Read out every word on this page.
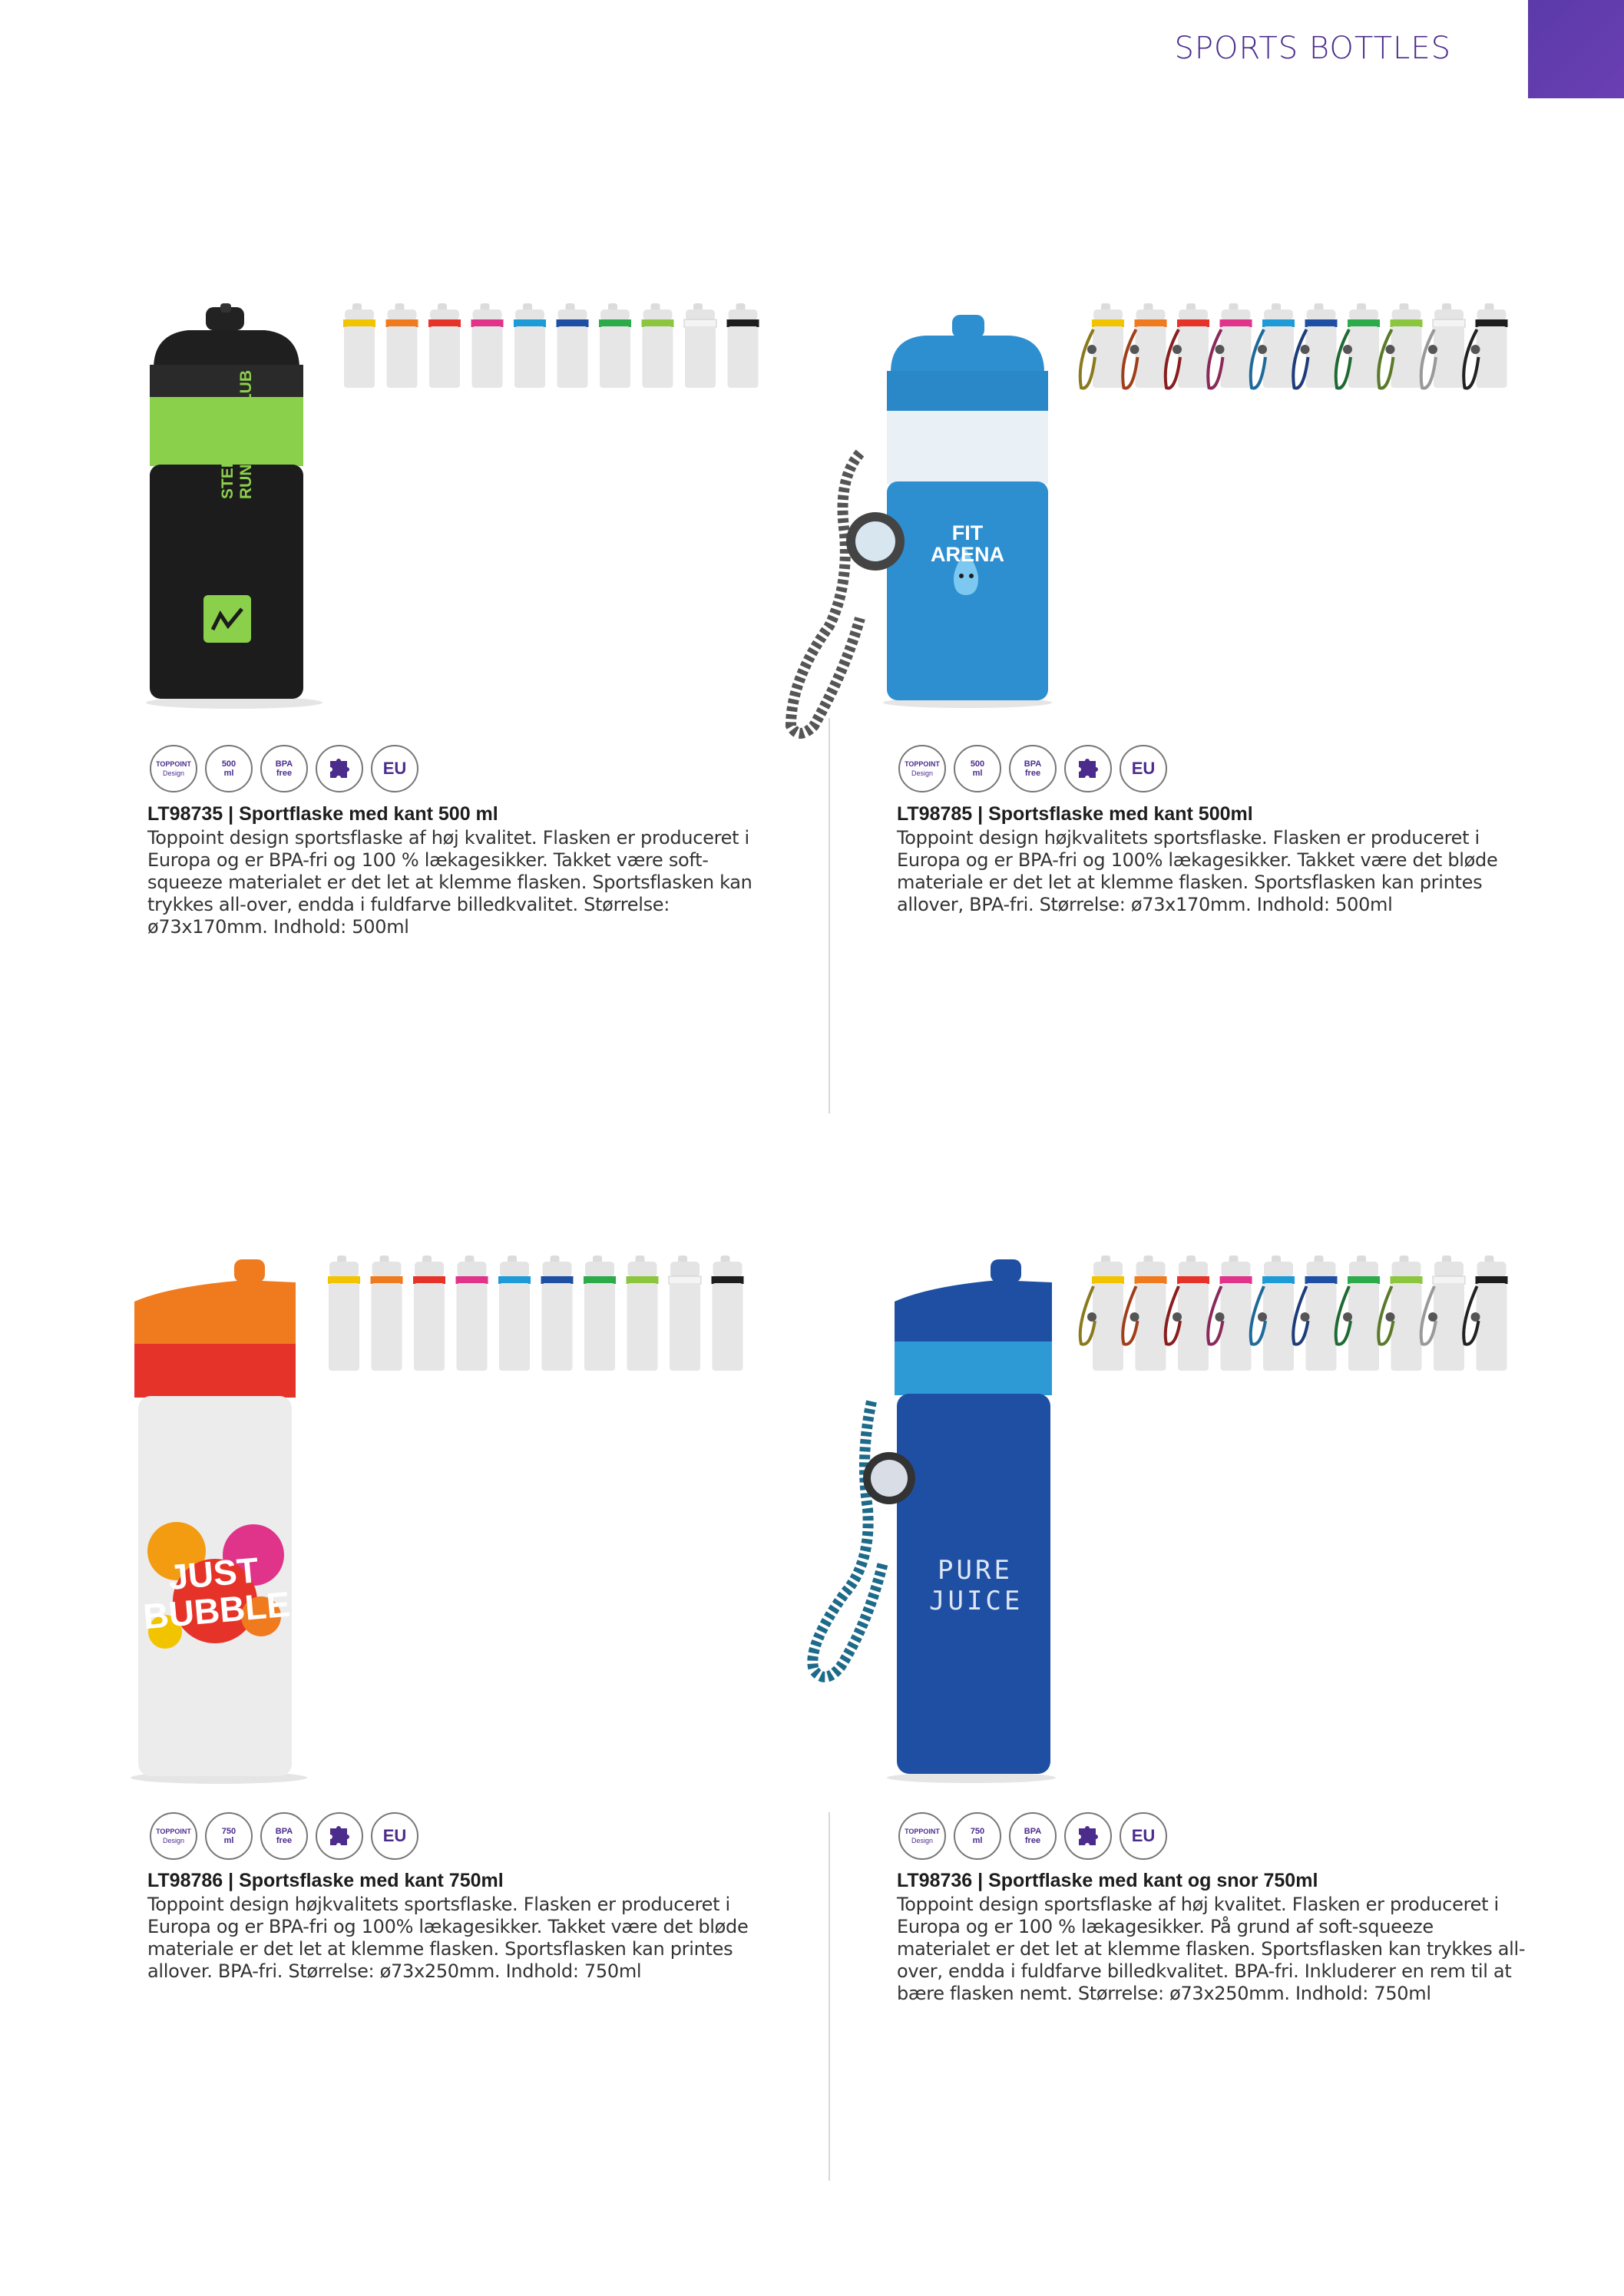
SPORTS BOTTLES
STEPS RUNNERS CLUB
TOPPOINT
Design
500
ml
BPA
free	EU
LT98735 | Sportflaske med kant 500 ml
Toppoint design sportsflaske af høj kvalitet. Flasken er produceret i Europa og er BPA-fri og 100 % lækagesikker. Takket være soft-squeeze materialet er det let at klemme flasken. Sportsflasken kan trykkes all-over, endda i fuldfarve billedkvalitet. Størrelse: ø73x170mm. Indhold: 500ml
FIT
ARENA
TOPPOINT
Design
500
ml
BPA
free	EU
LT98785 | Sportsflaske med kant 500ml
Toppoint design højkvalitets sportsflaske. Flasken er produceret i Europa og er BPA-fri og 100% lækagesikker. Takket være det bløde materiale er det let at klemme flasken. Sportsflasken kan printes allover, BPA-fri. Størrelse: ø73x170mm. Indhold: 500ml
JUST
BUBBLE
TOPPOINT
Design
750
ml
BPA
free	EU
LT98786 | Sportsflaske med kant 750ml
Toppoint design højkvalitets sportsflaske. Flasken er produceret i Europa og er BPA-fri og 100% lækagesikker. Takket være det bløde materiale er det let at klemme flasken. Sportsflasken kan printes allover. BPA-fri. Størrelse: ø73x250mm. Indhold: 750ml
PURE
JUICE
TOPPOINT
Design
750
ml
BPA
free	EU
LT98736 | Sportflaske med kant og snor 750ml
Toppoint design sportsflaske af høj kvalitet. Flasken er produceret i Europa og er 100 % lækagesikker. På grund af soft-squeeze materialet er det let at klemme flasken. Sportsflasken kan trykkes all-over, endda i fuldfarve billedkvalitet. BPA-fri. Inkluderer en rem til at bære flasken nemt. Størrelse: ø73x250mm. Indhold: 750ml
